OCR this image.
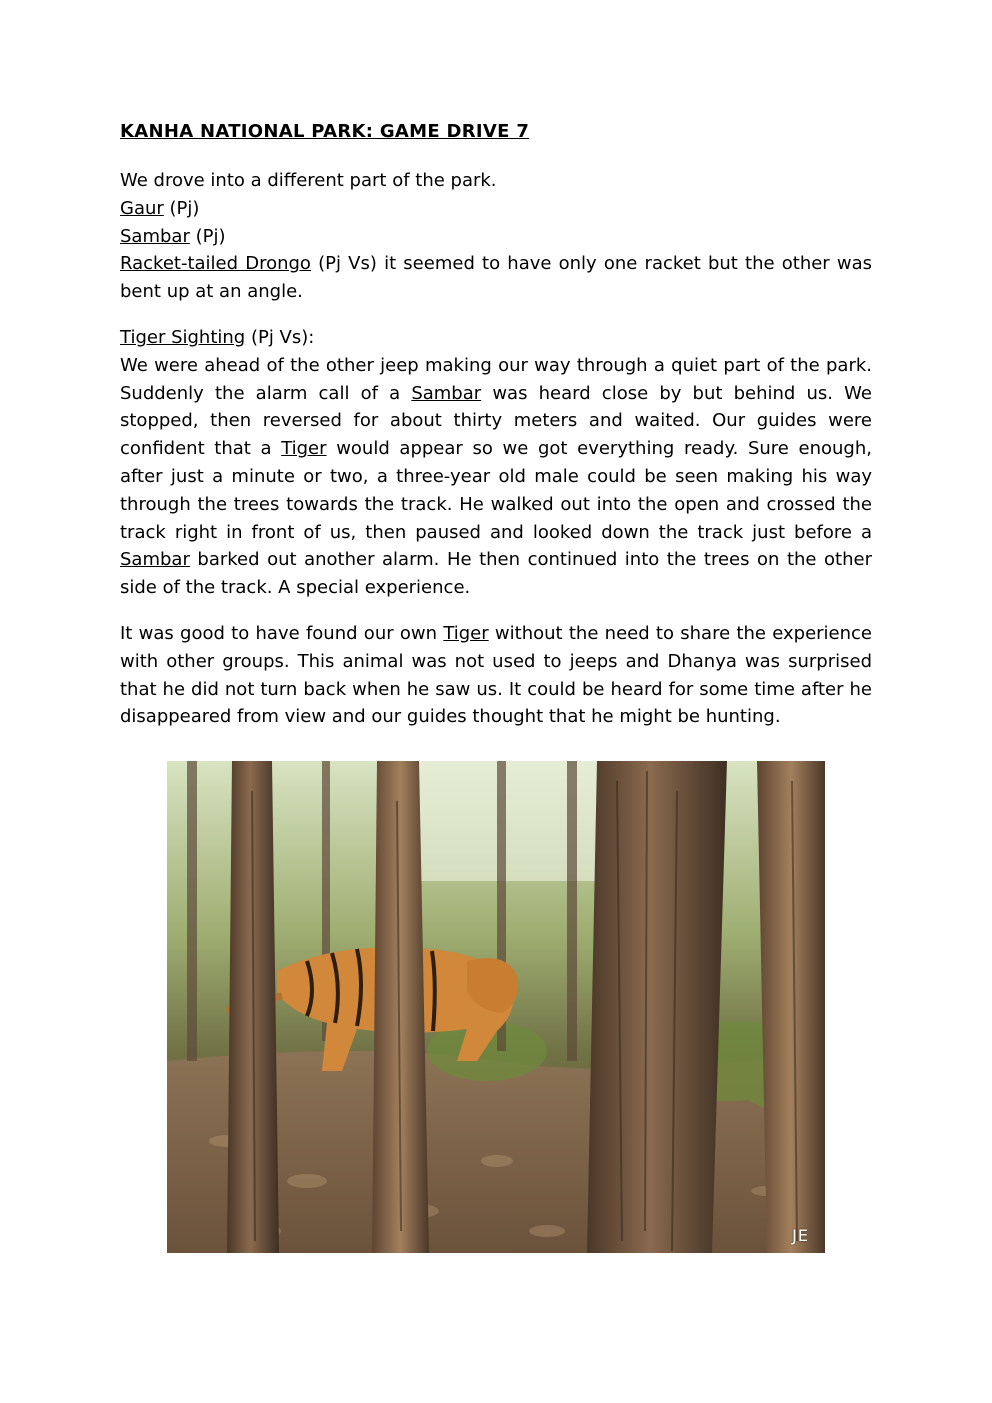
KANHA NATIONAL PARK: GAME DRIVE 7

We drove into a different part of the park.

Gaur (Pj)

Sambar (Pj)

Racket-tailed Drongo (Pj Vs) it seemed to have only one racket but the other was bent up at an angle.

Tiger Sighting (Pj Vs):

We were ahead of the other jeep making our way through a quiet part of the park. Suddenly the alarm call of a Sambar was heard close by but behind us. We stopped, then reversed for about thirty meters and waited. Our guides were confident that a Tiger would appear so we got everything ready. Sure enough, after just a minute or two, a three-year old male could be seen making his way through the trees towards the track. He walked out into the open and crossed the track right in front of us, then paused and looked down the track just before a Sambar barked out another alarm. He then continued into the trees on the other side of the track. A special experience.

It was good to have found our own Tiger without the need to share the experience with other groups. This animal was not used to jeeps and Dhanya was surprised that he did not turn back when he saw us. It could be heard for some time after he disappeared from view and our guides thought that he might be hunting.

JE
